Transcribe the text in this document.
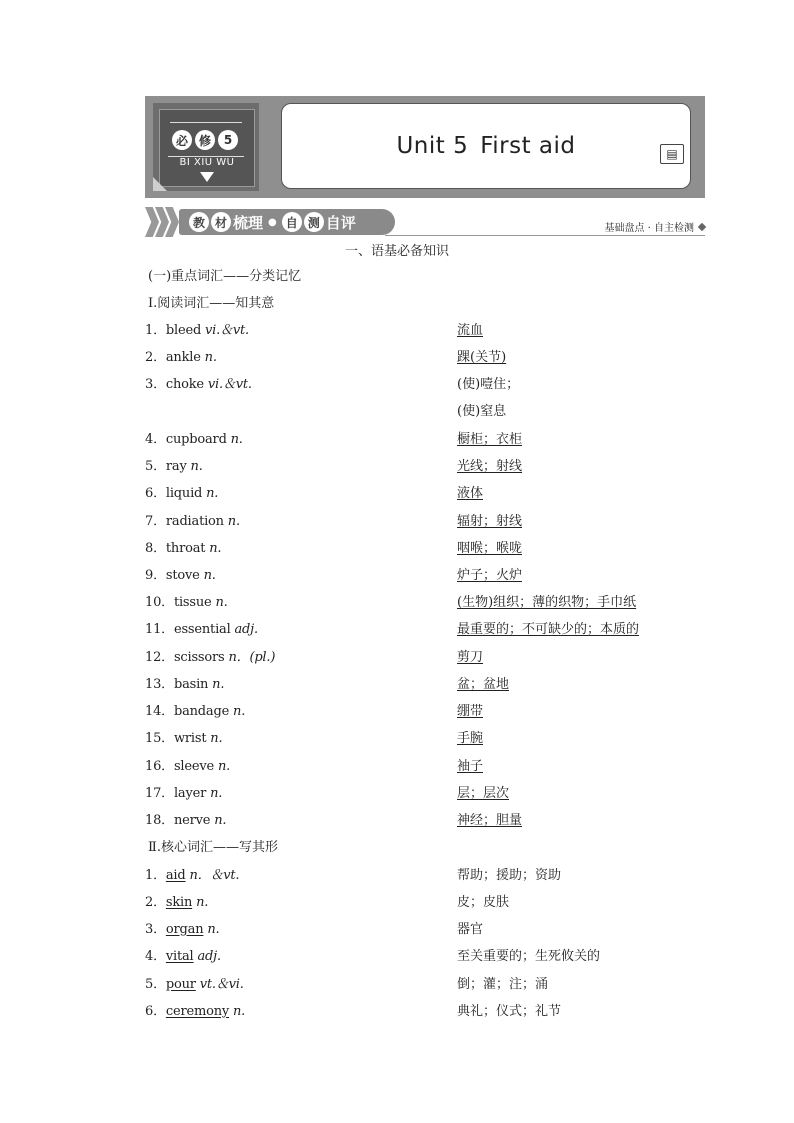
必 修	5
BI XIU WU
Unit 5 First aid	▤
教 材 梳理 ● 自 测 自评	基础盘点 · 自主检测
一、语基必备知识
(一)重点词汇——分类记忆
Ⅰ.阅读词汇——知其意
1．bleed vi.＆vt.	流血
2．ankle n.	踝(关节)
3．choke vi.＆vt.	(使)噎住；
(使)窒息
4．cupboard n.	橱柜；衣柜
5．ray n.	光线；射线
6．liquid n.	液体
7．radiation n.	辐射；射线
8．throat n.	咽喉；喉咙
9．stove n.	炉子；火炉
10．tissue n.	(生物)组织；薄的织物；手巾纸
11．essential adj.	最重要的；不可缺少的；本质的
12．scissors n．(pl.)	剪刀
13．basin n.	盆；盆地
14．bandage n.	绷带
15．wrist n.	手腕
16．sleeve n.	袖子
17．layer n.	层；层次
18．nerve n.	神经；胆量
Ⅱ.核心词汇——写其形
1．aid n．＆vt.	帮助；援助；资助
2．skin n.	皮；皮肤
3．organ n.	器官
4．vital adj.	至关重要的；生死攸关的
5．pour vt.＆vi.	倒；灌；注；涌
6．ceremony n.	典礼；仪式；礼节
